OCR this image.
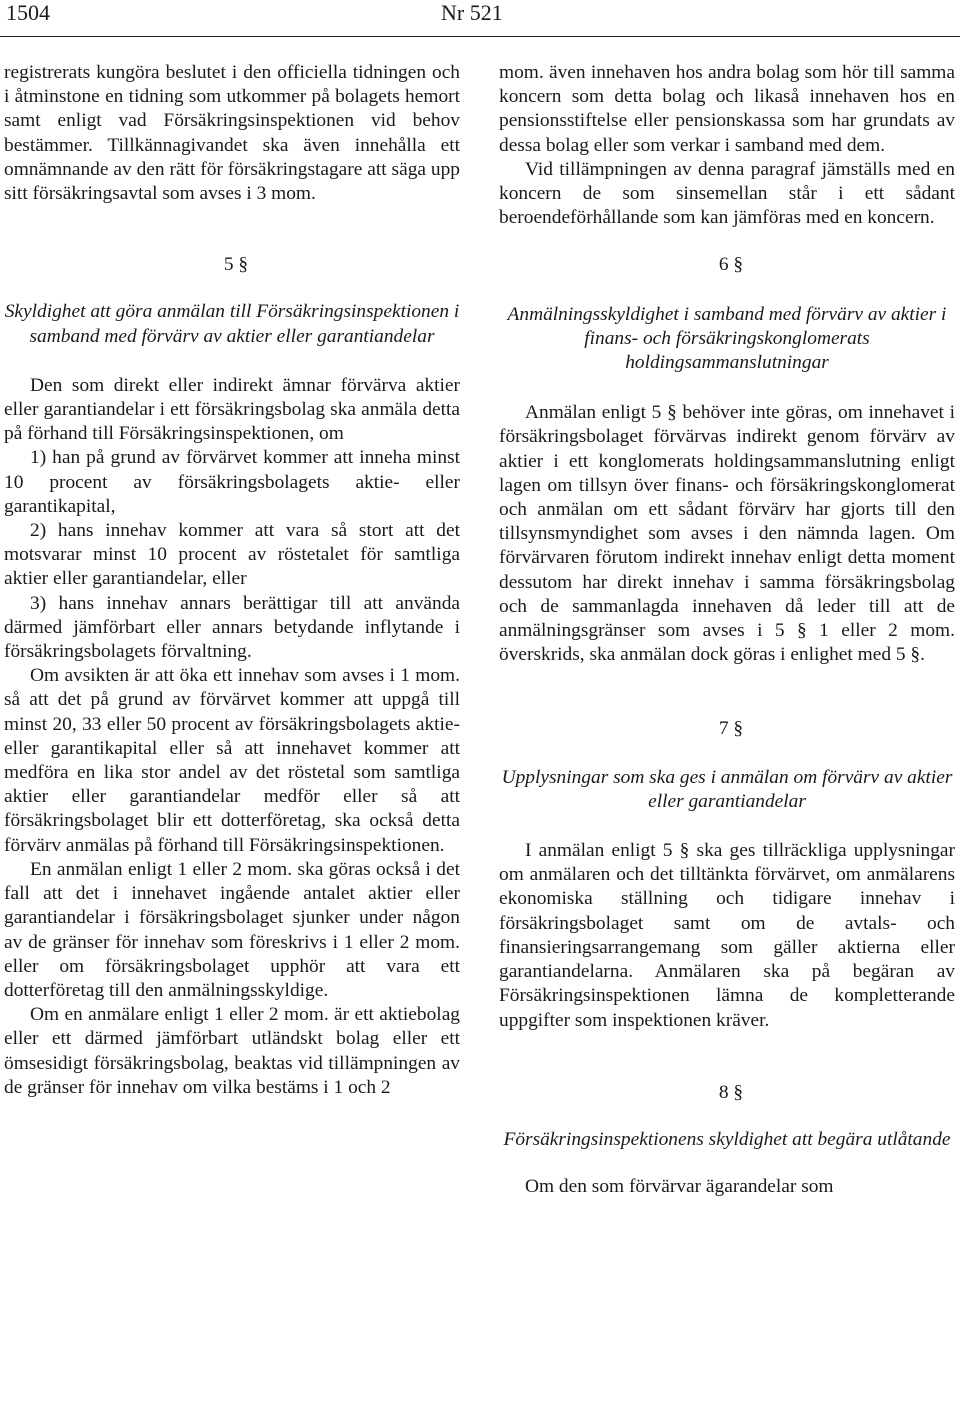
1504	Nr 521

registrerats kungöra beslutet i den officiella tidningen och i åtminstone en tidning som utkommer på bolagets hemort samt enligt vad Försäkringsinspektionen vid behov bestämmer. Tillkännagivandet ska även innehålla ett omnämnande av den rätt för försäkringstagare att säga upp sitt försäkringsavtal som avses i 3 mom.

5 §

Skyldighet att göra anmälan till Försäkringsinspektionen i samband med förvärv av aktier eller garantiandelar

Den som direkt eller indirekt ämnar förvärva aktier eller garantiandelar i ett försäkringsbolag ska anmäla detta på förhand till Försäkringsinspektionen, om

1) han på grund av förvärvet kommer att inneha minst 10 procent av försäkringsbolagets aktie- eller garantikapital,

2) hans innehav kommer att vara så stort att det motsvarar minst 10 procent av röstetalet för samtliga aktier eller garantiandelar, eller

3) hans innehav annars berättigar till att använda därmed jämförbart eller annars betydande inflytande i försäkringsbolagets förvaltning.

Om avsikten är att öka ett innehav som avses i 1 mom. så att det på grund av förvärvet kommer att uppgå till minst 20, 33 eller 50 procent av försäkringsbolagets aktie- eller garantikapital eller så att innehavet kommer att medföra en lika stor andel av det röstetal som samtliga aktier eller garantiandelar medför eller så att försäkringsbolaget blir ett dotterföretag, ska också detta förvärv anmälas på förhand till Försäkringsinspektionen.

En anmälan enligt 1 eller 2 mom. ska göras också i det fall att det i innehavet ingående antalet aktier eller garantiandelar i försäkringsbolaget sjunker under någon av de gränser för innehav som föreskrivs i 1 eller 2 mom. eller om försäkringsbolaget upphör att vara ett dotterföretag till den anmälningsskyldige.

Om en anmälare enligt 1 eller 2 mom. är ett aktiebolag eller ett därmed jämförbart utländskt bolag eller ett ömsesidigt försäkringsbolag, beaktas vid tillämpningen av de gränser för innehav om vilka bestäms i 1 och 2

mom. även innehaven hos andra bolag som hör till samma koncern som detta bolag och likaså innehaven hos en pensionsstiftelse eller pensionskassa som har grundats av dessa bolag eller som verkar i samband med dem.

Vid tillämpningen av denna paragraf jämställs med en koncern de som sinsemellan står i ett sådant beroendeförhållande som kan jämföras med en koncern.

6 §

Anmälningsskyldighet i samband med förvärv av aktier i finans- och försäkringskonglomerats holdingsammanslutningar

Anmälan enligt 5 § behöver inte göras, om innehavet i försäkringsbolaget förvärvas indirekt genom förvärv av aktier i ett konglomerats holdingsammanslutning enligt lagen om tillsyn över finans- och försäkringskonglomerat och anmälan om ett sådant förvärv har gjorts till den tillsynsmyndighet som avses i den nämnda lagen. Om förvärvaren förutom indirekt innehav enligt detta moment dessutom har direkt innehav i samma försäkringsbolag och de sammanlagda innehaven då leder till att de anmälningsgränser som avses i 5 § 1 eller 2 mom. överskrids, ska anmälan dock göras i enlighet med 5 §.

7 §

Upplysningar som ska ges i anmälan om förvärv av aktier eller garantiandelar

I anmälan enligt 5 § ska ges tillräckliga upplysningar om anmälaren och det tilltänkta förvärvet, om anmälarens ekonomiska ställning och tidigare innehav i försäkringsbolaget samt om de avtals- och finansieringsarrangemang som gäller aktierna eller garantiandelarna. Anmälaren ska på begäran av Försäkringsinspektionen lämna de kompletterande uppgifter som inspektionen kräver.

8 §

Försäkringsinspektionens skyldighet att begära utlåtande

Om den som förvärvar ägarandelar som
